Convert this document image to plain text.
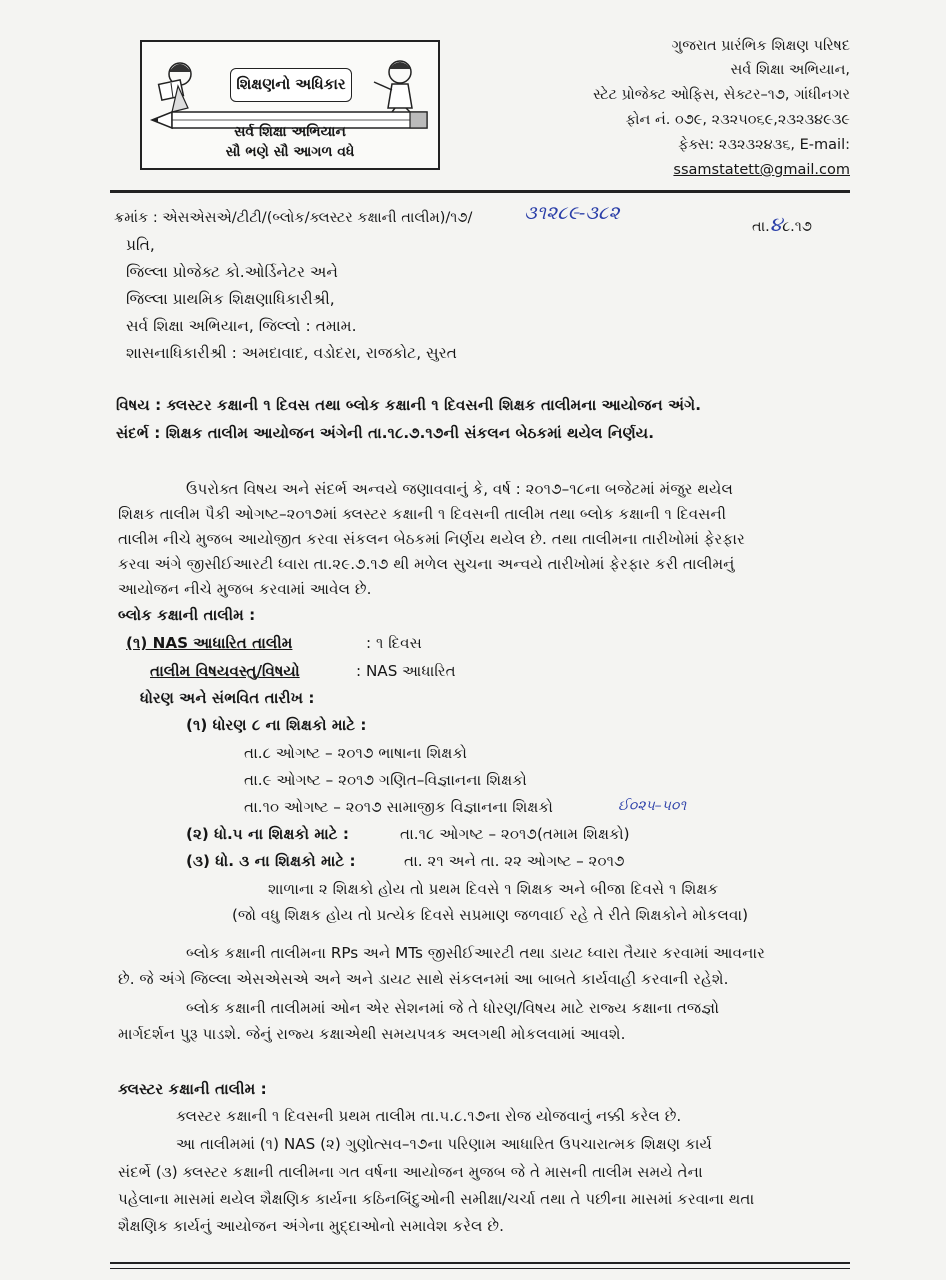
શિક્ષણનો અધિકાર
સર્વ શિક્ષા અભિયાન
સૌ ભણે સૌ આગળ વધે
ગુજરાત પ્રારંભિક શિક્ષણ પરિષદ
સર્વ શિક્ષા અભિયાન,
સ્ટેટ પ્રોજેક્ટ ઓફિસ, સેક્ટર–૧૭, ગાંધીનગર
ફોન નં. ૦૭૯, ૨૩૨૫૦૬૯,૨૩૨૩૪૯૩૯
ફેક્સ: ૨૩૨૩૨૪૩૬, E-mail:
ssamstatett@gmail.com
ક્રમાંક : એસએસએ/ટીટી/(બ્લોક/ક્લસ્ટર કક્ષાની તાલીમ)/૧૭/	૩૧૨૮૯-૩૮૨
તા.૪૮.૧૭
પ્રતિ,
જિલ્લા પ્રોજેક્ટ કો.ઓર્ડિનેટર અને
જિલ્લા પ્રાથમિક શિક્ષણાધિકારીશ્રી,
સર્વ શિક્ષા અભિયાન, જિલ્લો : તમામ.
શાસનાધિકારીશ્રી : અમદાવાદ, વડોદરા, રાજકોટ, સુરત
વિષય : ક્લસ્ટર કક્ષાની ૧ દિવસ તથા બ્લોક કક્ષાની ૧ દિવસની શિક્ષક તાલીમના આયોજન અંગે.
સંદર્ભ : શિક્ષક તાલીમ આયોજન અંગેની તા.૧૮.૭.૧૭ની સંકલન બેઠકમાં થયેલ નિર્ણય.
ઉપરોક્ત વિષય અને સંદર્ભ અન્વયે જણાવવાનું કે, વર્ષ : ૨૦૧૭–૧૮ના બજેટમાં મંજુર થયેલ
શિક્ષક તાલીમ પૈકી ઓગષ્ટ–૨૦૧૭માં ક્લસ્ટર કક્ષાની ૧ દિવસની તાલીમ તથા બ્લોક કક્ષાની ૧ દિવસની
તાલીમ નીચે મુજબ આયોજીત કરવા સંકલન બેઠકમાં નિર્ણય થયેલ છે. તથા તાલીમના તારીખોમાં ફેરફાર
કરવા અંગે જીસીઈઆરટી ધ્વારા તા.૨૯.૭.૧૭ થી મળેલ સુચના અન્વયે તારીખોમાં ફેરફાર કરી તાલીમનું
આયોજન નીચે મુજબ કરવામાં આવેલ છે.
બ્લોક કક્ષાની તાલીમ :
(૧) NAS આધારિત તાલીમ	: ૧ દિવસ
તાલીમ વિષયવસ્તુ/વિષયો	: NAS આધારિત
ધોરણ અને સંભવિત તારીખ :
(૧) ધોરણ ૮ ના શિક્ષકો માટે :
તા.૮ ઓગષ્ટ – ૨૦૧૭ ભાષાના શિક્ષકો
તા.૯ ઓગષ્ટ – ૨૦૧૭ ગણિત–વિજ્ઞાનના શિક્ષકો
તા.૧૦ ઓગષ્ટ – ૨૦૧૭ સામાજીક વિજ્ઞાનના શિક્ષકો	ઈ૦૨૫–૫૦૧
(૨) ધો.૫ ના શિક્ષકો માટે :	તા.૧૮ ઓગષ્ટ – ૨૦૧૭(તમામ શિક્ષકો)
(૩) ધો. ૩ ના શિક્ષકો માટે :	તા. ૨૧ અને તા. ૨૨ ઓગષ્ટ – ૨૦૧૭
શાળાના ૨ શિક્ષકો હોય તો પ્રથમ દિવસે ૧ શિક્ષક અને બીજા દિવસે ૧ શિક્ષક
(જો વધુ શિક્ષક હોય તો પ્રત્યેક દિવસે સપ્રમાણ જળવાઈ રહે તે રીતે શિક્ષકોને મોકલવા)
બ્લોક કક્ષાની તાલીમના RPs અને MTs જીસીઈઆરટી તથા ડાયટ ધ્વારા તૈયાર કરવામાં આવનાર
છે. જે અંગે જિલ્લા એસએસએ અને અને ડાયટ સાથે સંકલનમાં આ બાબતે કાર્યવાહી કરવાની રહેશે.
બ્લોક કક્ષાની તાલીમમાં ઓન એર સેશનમાં જે તે ધોરણ/વિષય માટે રાજ્ય કક્ષાના તજજ્ઞો
માર્ગદર્શન પુરૂ પાડશે. જેનું રાજ્ય કક્ષાએથી સમયપત્રક અલગથી મોકલવામાં આવશે.
ક્લસ્ટર કક્ષાની તાલીમ :
ક્લસ્ટર કક્ષાની ૧ દિવસની પ્રથમ તાલીમ તા.૫.૮.૧૭ના રોજ યોજવાનું નક્કી કરેલ છે.
આ તાલીમમાં (૧) NAS (૨) ગુણોત્સવ–૧૭ના પરિણામ આધારિત ઉપચારાત્મક શિક્ષણ કાર્ય
સંદર્ભે (૩) ક્લસ્ટર કક્ષાની તાલીમના ગત વર્ષના આયોજન મુજબ જે તે માસની તાલીમ સમયે તેના
પહેલાના માસમાં થયેલ શૈક્ષણિક કાર્યના કઠિનબિંદુઓની સમીક્ષા/ચર્ચા તથા તે પછીના માસમાં કરવાના થતા
શૈક્ષણિક કાર્યનું આયોજન અંગેના મુદ્દાઓનો સમાવેશ કરેલ છે.
